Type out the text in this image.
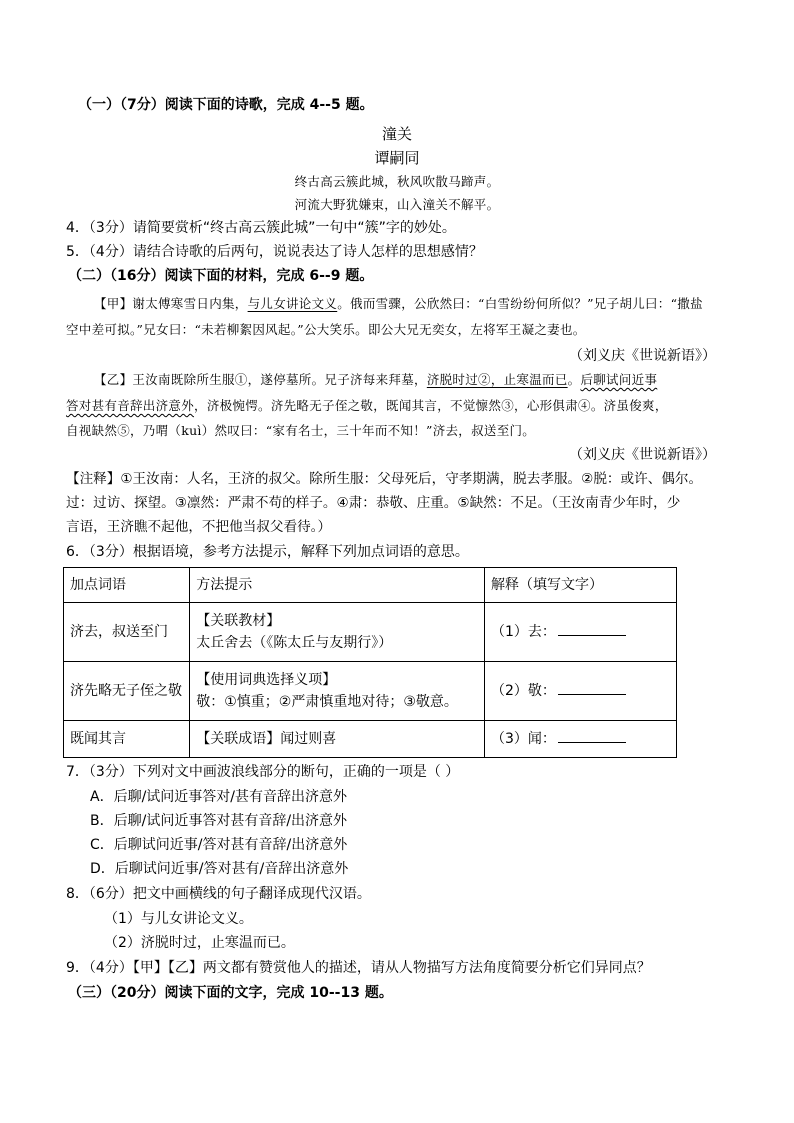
（一）（7分）阅读下面的诗歌，完成 4--5 题。
潼关
谭嗣同
终古高云簇此城，秋风吹散马蹄声。
河流大野犹嫌束，山入潼关不解平。
4．（3分）请简要赏析“终古高云簇此城”一句中“簇”字的妙处。
5．（4分）请结合诗歌的后两句，说说表达了诗人怎样的思想感情？
（二）（16分）阅读下面的材料，完成 6--9 题。
【甲】谢太傅寒雪日内集，与儿女讲论文义。俄而雪骤，公欣然曰：“白雪纷纷何所似？”兄子胡儿曰：“撒盐
空中差可拟。”兄女曰：“未若柳絮因风起。”公大笑乐。即公大兄无奕女，左将军王凝之妻也。
（刘义庆《世说新语》）
【乙】王汝南既除所生服①，遂停墓所。兄子济每来拜墓，济脱时过②，止寒温而已。后聊试问近事
答对甚有音辞出济意外，济极惋愕。济先略无子侄之敬，既闻其言，不觉懔然③，心形俱肃④。济虽俊爽，
自视缺然⑤，乃喟（kuì）然叹曰：“家有名士，三十年而不知！”济去，叔送至门。
（刘义庆《世说新语》）
【注释】①王汝南：人名，王济的叔父。除所生服：父母死后，守孝期满，脱去孝服。②脱：或许、偶尔。
过：过访、探望。③凛然：严肃不苟的样子。④肃：恭敬、庄重。⑤缺然：不足。（王汝南青少年时，少
言语，王济瞧不起他，不把他当叔父看待。）
6．（3分）根据语境，参考方法提示，解释下列加点词语的意思。
加点词语	方法提示	解释（填写文字）
济去，叔送至门	【关联教材】
太丘舍去（《陈太丘与友期行》）	（1）去：
济先略无子侄之敬	【使用词典选择义项】
敬：①慎重；②严肃慎重地对待；③敬意。	（2）敬：
既闻其言	【关联成语】闻过则喜	（3）闻：
7．（3分）下列对文中画波浪线部分的断句，正确的一项是（ ）
A．后聊/试问近事答对/甚有音辞出济意外
B．后聊/试问近事答对甚有音辞/出济意外
C．后聊试问近事/答对甚有音辞/出济意外
D．后聊试问近事/答对甚有/音辞出济意外
8．（6分）把文中画横线的句子翻译成现代汉语。
（1）与儿女讲论文义。
（2）济脱时过，止寒温而已。
9．（4分）【甲】【乙】两文都有赞赏他人的描述，请从人物描写方法角度简要分析它们异同点？
（三）（20分）阅读下面的文字，完成 10--13 题。
